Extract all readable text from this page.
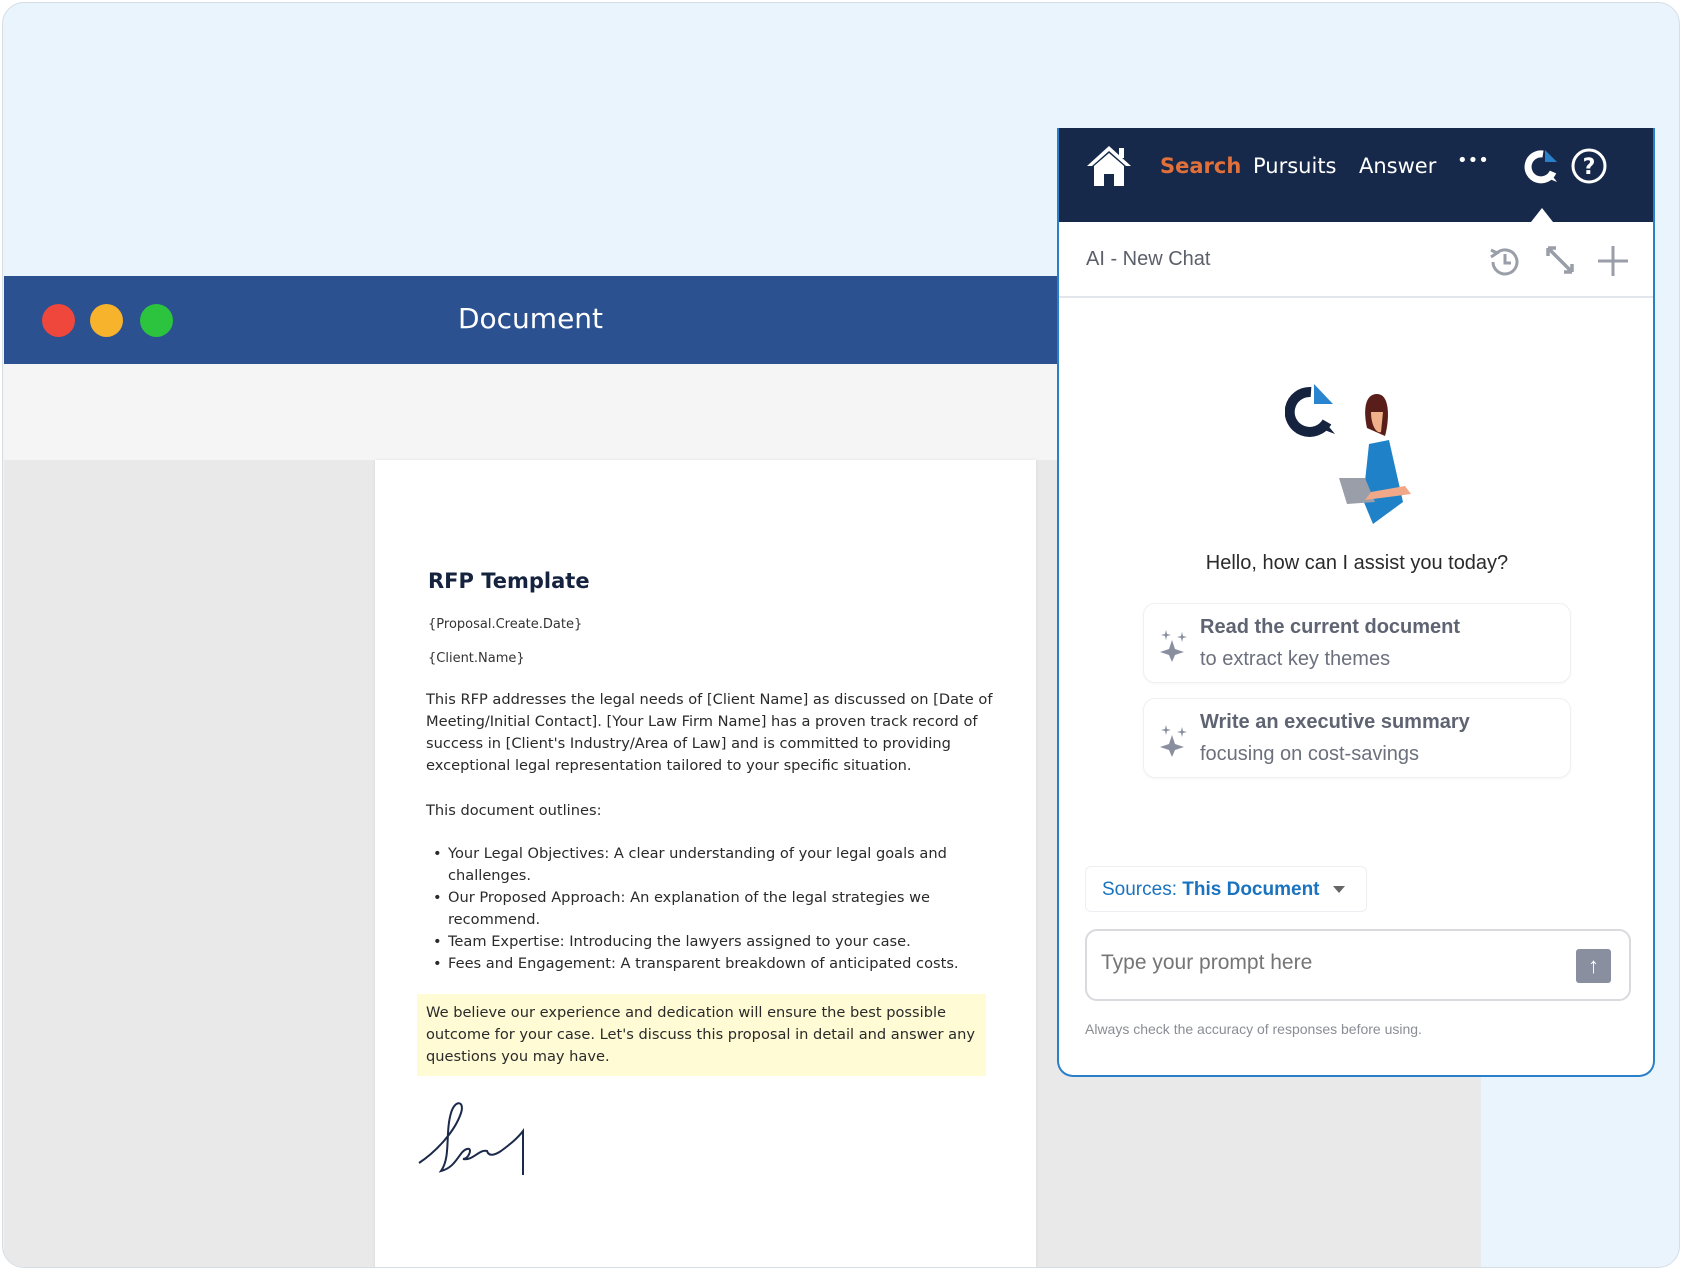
Document
RFP Template
{Proposal.Create.Date}
{Client.Name}
This RFP addresses the legal needs of [Client Name] as discussed on [Date of Meeting/Initial Contact]. [Your Law Firm Name] has a proven track record of success in [Client's Industry/Area of Law] and is committed to providing exceptional legal representation tailored to your specific situation.
This document outlines:
• Your Legal Objectives: A clear understanding of your legal goals and challenges.
• Our Proposed Approach: An explanation of the legal strategies we recommend.
• Team Expertise: Introducing the lawyers assigned to your case.
• Fees and Engagement: A transparent breakdown of anticipated costs.
We believe our experience and dedication will ensure the best possible outcome for your case. Let's discuss this proposal in detail and answer any questions you may have.
Search Pursuits Answer •••	?
AI - New Chat
Hello, how can I assist you today?
Read the current document
to extract key themes
Write an executive summary
focusing on cost-savings
Sources: This Document
Type your prompt here
↑
Always check the accuracy of responses before using.
